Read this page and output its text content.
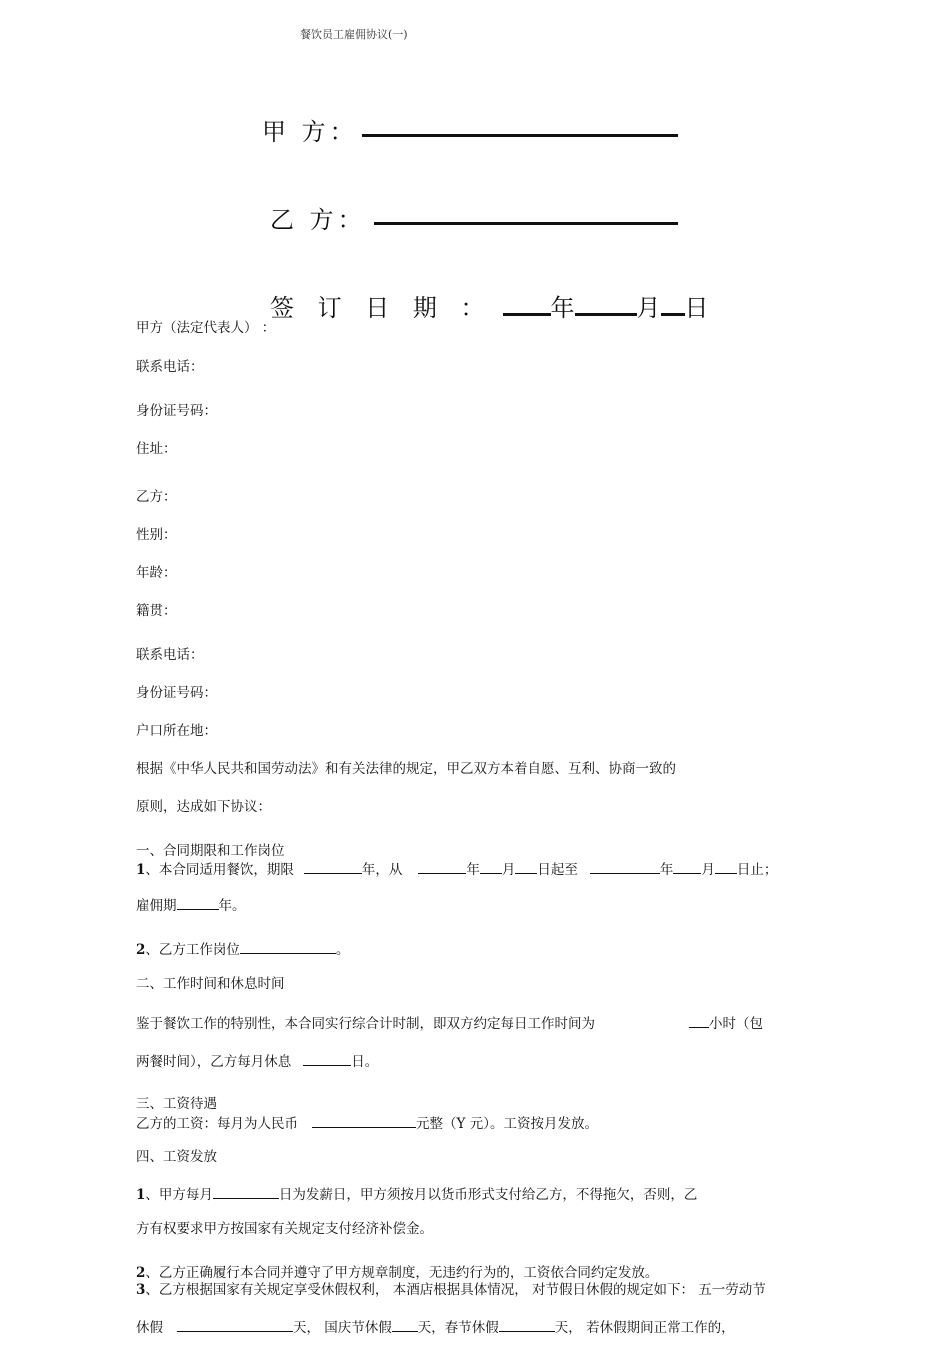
餐饮员工雇佣协议(一)
甲 方：
乙 方：
签 订 日 期 ： 年	月 日
甲方（法定代表人） ：
联系电话：
身份证号码：
住址：
乙方：
性别：
年龄：
籍贯：
联系电话：
身份证号码：
户口所在地：
根据《中华人民共和国劳动法》和有关法律的规定，甲乙双方本着自愿、互利、协商一致的
原则，达成如下协议：
一、合同期限和工作岗位
1、本合同适用餐饮，期限	年，从	年 月 日起至	年 月 日止；
雇佣期	年。
2、乙方工作岗位	。
二、工作时间和休息时间
鉴于餐饮工作的特别性，本合同实行综合计时制，即双方约定每日工作时间为	小时（包
两餐时间），乙方每月休息	日。
三、工资待遇
乙方的工资：每月为人民币	元整（Y 元）。工资按月发放。
四、工资发放
1、甲方每月	日为发薪日，甲方须按月以货币形式支付给乙方，不得拖欠，否则，乙
方有权要求甲方按国家有关规定支付经济补偿金。
2、乙方正确履行本合同并遵守了甲方规章制度，无违约行为的，工资依合同约定发放。
3、乙方根据国家有关规定享受休假权利， 本酒店根据具体情况， 对节假日休假的规定如下： 五一劳动节
休假	天， 国庆节休假 天，春节休假	天， 若休假期间正常工作的，
